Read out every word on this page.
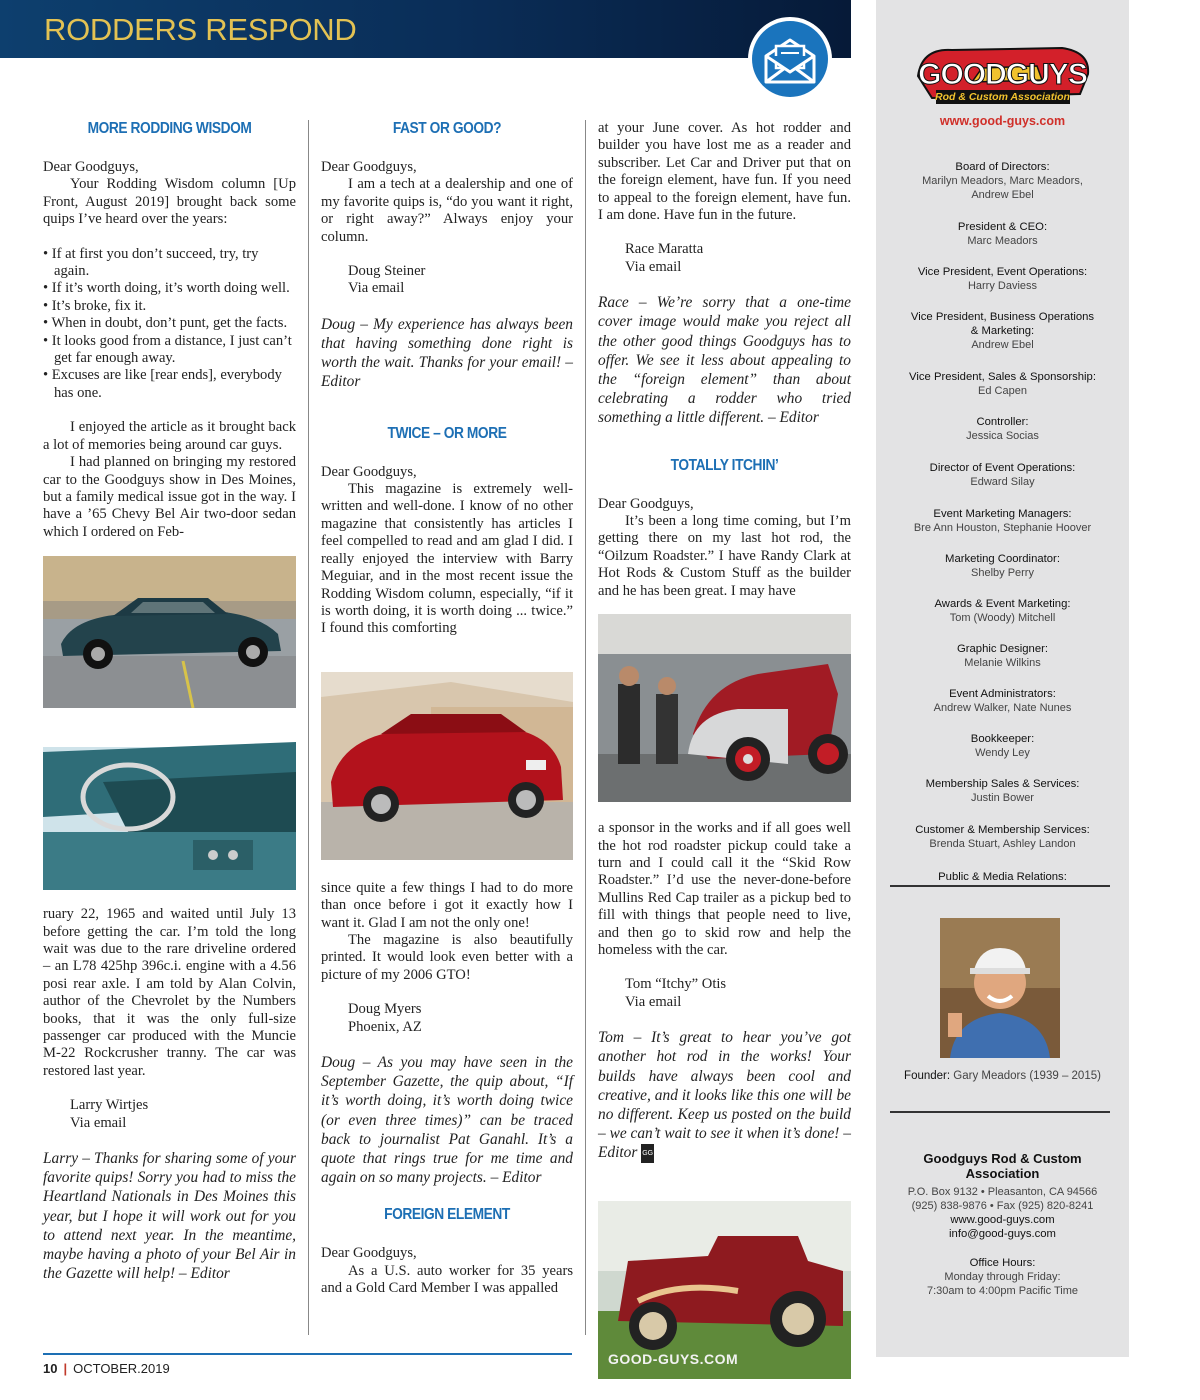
RODDERS RESPOND
MORE RODDING WISDOM

Dear Goodguys,

Your Rodding Wisdom column [Up Front, August 2019] brought back some quips I’ve heard over the years:

• If at first you don’t succeed, try, try again.
• If it’s worth doing, it’s worth doing well.
• It’s broke, fix it.
• When in doubt, don’t punt, get the facts.
• It looks good from a distance, I just can’t get far enough away.
• Excuses are like [rear ends], everybody has one.

I enjoyed the article as it brought back a lot of memories being around car guys.

I had planned on bringing my restored car to the Goodguys show in Des Moines, but a family medical issue got in the way. I have a ’65 Chevy Bel Air two-door sedan which I ordered on Feb-

ruary 22, 1965 and waited until July 13 before getting the car. I’m told the long wait was due to the rare driveline ordered – an L78 425hp 396c.i. engine with a 4.56 posi rear axle. I am told by Alan Colvin, author of the Chevrolet by the Numbers books, that it was the only full-size passenger car produced with the Muncie M-22 Rockcrusher tranny. The car was restored last year.

Larry Wirtjes

Via email

Larry – Thanks for sharing some of your favorite quips! Sorry you had to miss the Heartland Nationals in Des Moines this year, but I hope it will work out for you to attend next year. In the meantime, maybe having a photo of your Bel Air in the Gazette will help! – Editor

FAST OR GOOD?

Dear Goodguys,

I am a tech at a dealership and one of my favorite quips is, “do you want it right, or right away?” Always enjoy your column.

Doug Steiner

Via email

Doug – My experience has always been that having something done right is worth the wait. Thanks for your email! – Editor

TWICE – OR MORE

Dear Goodguys,

This magazine is extremely well-written and well-done. I know of no other magazine that consistently has articles I feel compelled to read and am glad I did. I really enjoyed the interview with Barry Meguiar, and in the most recent issue the Rodding Wisdom column, especially, “if it is worth doing, it is worth doing ... twice.” I found this comforting

since quite a few things I had to do more than once before i got it exactly how I want it. Glad I am not the only one!

The magazine is also beautifully printed. It would look even better with a picture of my 2006 GTO!

Doug Myers

Phoenix, AZ

Doug – As you may have seen in the September Gazette, the quip about, “If it’s worth doing, it’s worth doing twice (or even three times)” can be traced back to journalist Pat Ganahl. It’s a quote that rings true for me time and again on so many projects. – Editor

FOREIGN ELEMENT

Dear Goodguys,

As a U.S. auto worker for 35 years and a Gold Card Member I was appalled

at your June cover. As hot rodder and builder you have lost me as a reader and subscriber. Let Car and Driver put that on the foreign element, have fun. If you need to appeal to the foreign element, have fun. I am done. Have fun in the future.

Race Maratta

Via email

Race – We’re sorry that a one-time cover image would make you reject all the other good things Goodguys has to offer. We see it less about appealing to the “foreign element” than about celebrating a rodder who tried something a little different. – Editor

TOTALLY ITCHIN’

Dear Goodguys,

It’s been a long time coming, but I’m getting there on my last hot rod, the “Oilzum Roadster.” I have Randy Clark at Hot Rods & Custom Stuff as the builder and he has been great. I may have

a sponsor in the works and if all goes well the hot rod roadster pickup could take a turn and I could call it the “Skid Row Roadster.” I’d use the never-done-before Mullins Red Cap trailer as a pickup bed to fill with things that people need to live, and then go to skid row and help the homeless with the car.

Tom “Itchy” Otis

Via email

Tom – It’s great to hear you’ve got another hot rod in the works! Your builds have always been cool and creative, and it looks like this one will be no different. Keep us posted on the build – we can’t wait to see it when it’s done! – Editor GG

GOOD-GUYS.COM
10 | OCTOBER.2019
GOODGUYS
Rod & Custom Association
www.good-guys.com
Board of Directors:
Marilyn Meadors, Marc Meadors,
Andrew Ebel
President & CEO:
Marc Meadors
Vice President, Event Operations:
Harry Daviess
Vice President, Business Operations
& Marketing:
Andrew Ebel
Vice President, Sales & Sponsorship:
Ed Capen
Controller:
Jessica Socias
Director of Event Operations:
Edward Silay
Event Marketing Managers:
Bre Ann Houston, Stephanie Hoover
Marketing Coordinator:
Shelby Perry
Awards & Event Marketing:
Tom (Woody) Mitchell
Graphic Designer:
Melanie Wilkins
Event Administrators:
Andrew Walker, Nate Nunes
Bookkeeper:
Wendy Ley
Membership Sales & Services:
Justin Bower
Customer & Membership Services:
Brenda Stuart, Ashley Landon
Public & Media Relations:
Founder: Gary Meadors (1939 – 2015)
Goodguys Rod & Custom
Association
P.O. Box 9132 • Pleasanton, CA 94566
(925) 838-9876 • Fax (925) 820-8241
www.good-guys.com
info@good-guys.com
Office Hours:
Monday through Friday:
7:30am to 4:00pm Pacific Time
